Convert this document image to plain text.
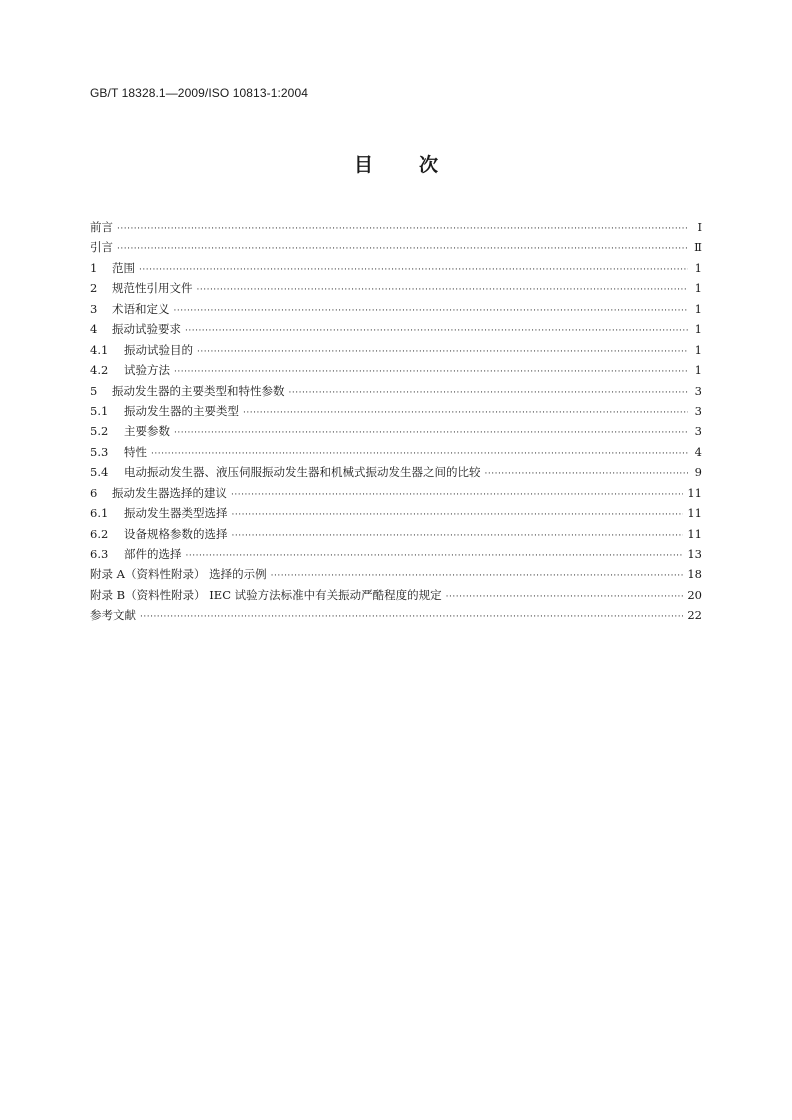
GB/T 18328.1—2009/ISO 10813-1:2004
目 次
前言 ·····	Ⅰ
引言 ·····	Ⅱ
1	范围 ·····	1
2	规范性引用文件 ·····	1
3	术语和定义 ·····	1
4	振动试验要求 ·····	1
4.1	振动试验目的 ·····	1
4.2	试验方法 ·····	1
5	振动发生器的主要类型和特性参数 ·····	3
5.1	振动发生器的主要类型 ·····	3
5.2	主要参数 ·····	3
5.3	特性 ·····	4
5.4	电动振动发生器、液压伺服振动发生器和机械式振动发生器之间的比较 ·····	9
6	振动发生器选择的建议 ·····	11
6.1	振动发生器类型选择 ·····	11
6.2	设备规格参数的选择 ·····	11
6.3	部件的选择 ·····	13
附录 A（资料性附录） 选择的示例 ·····	18
附录 B（资料性附录） IEC 试验方法标准中有关振动严酷程度的规定 ·····	20
参考文献 ·····	22
